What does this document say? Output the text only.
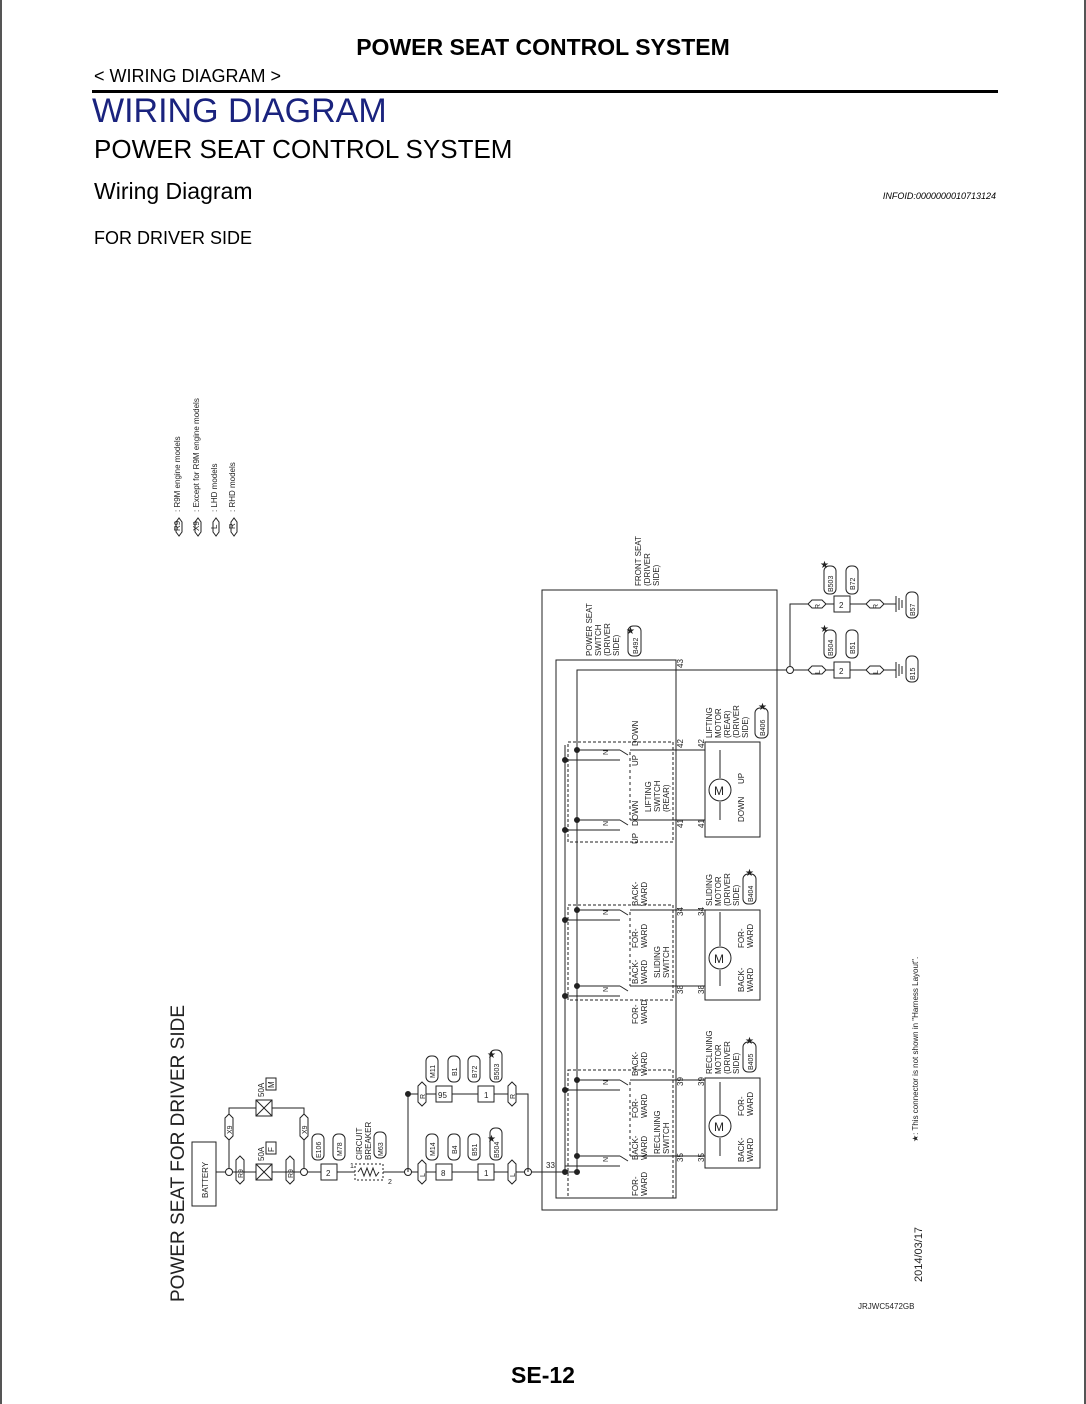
POWER SEAT CONTROL SYSTEM
< WIRING DIAGRAM >
WIRING DIAGRAM
POWER SEAT CONTROL SYSTEM
Wiring Diagram	INFOID:0000000010713124
FOR DRIVER SIDE
R9
: R9M engine models
X9
: Except for R9M engine models
L
: LHD models
R
: RHD models
POWER SEAT FOR DRIVER SIDE	2014/03/17
JRJWC5472GB
★: This connector is not shown in "Harness Layout".
BATTERY
50A M
50A F
R9	R9
X9	X9
2
E106 M78 CIRCUIT BREAKER M63
1
2
L	L
R	R
8
M14 B4
95
M11 B1
1
B51 B504
★
1
B72 B503
★
FRONT SEAT (DRIVER SIDE)
POWER SEAT SWITCH (DRIVER SIDE) B492
★
33
43
N
N
UP
DOWN
UP
DOWN
LIFTING SWITCH (REAR)
42
41
42
41
M
UP
DOWN
LIFTING MOTOR (REAR) (DRIVER SIDE) B406
★
N
N
BACK- WARD
FOR- WARD
BACK- WARD
FOR- WARD
SLIDING SWITCH
34
38
34
38
M
FOR- WARD
BACK- WARD
SLIDING MOTOR (DRIVER SIDE) B404
★
N
N
BACK- WARD
FOR- WARD
BACK- WARD
FOR- WARD
RECLINING SWITCH
39
35
39
35
M
FOR- WARD
BACK- WARD
RECLINING MOTOR (DRIVER SIDE) B405
★
R 2
B503 B72
★
R	B57
L 2
B504 B51
★
L	B15
SE-12
